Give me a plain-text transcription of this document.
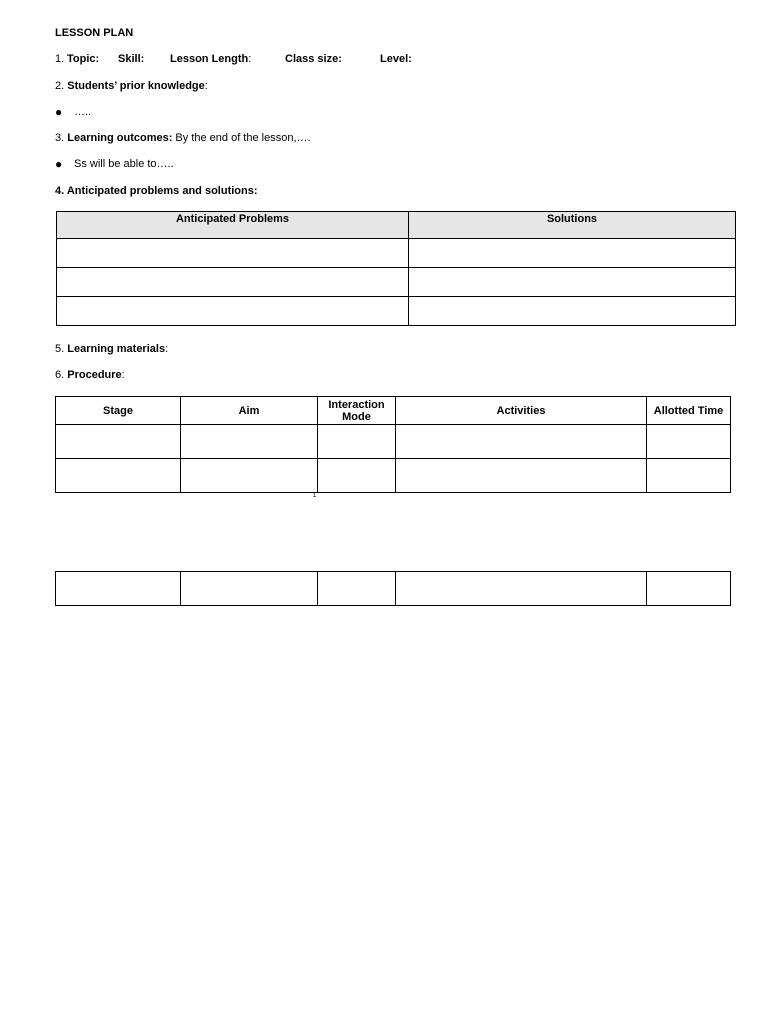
LESSON PLAN
1. Topic: Skill: Lesson Length:	Class size:	Level:
2. Students’ prior knowledge:
● …..
3. Learning outcomes: By the end of the lesson,….
● Ss will be able to…..
4. Anticipated problems and solutions:
Anticipated Problems	Solutions

5. Learning materials:
6. Procedure:
Stage	Aim	Interaction Mode	Activities	Allotted Time

1
